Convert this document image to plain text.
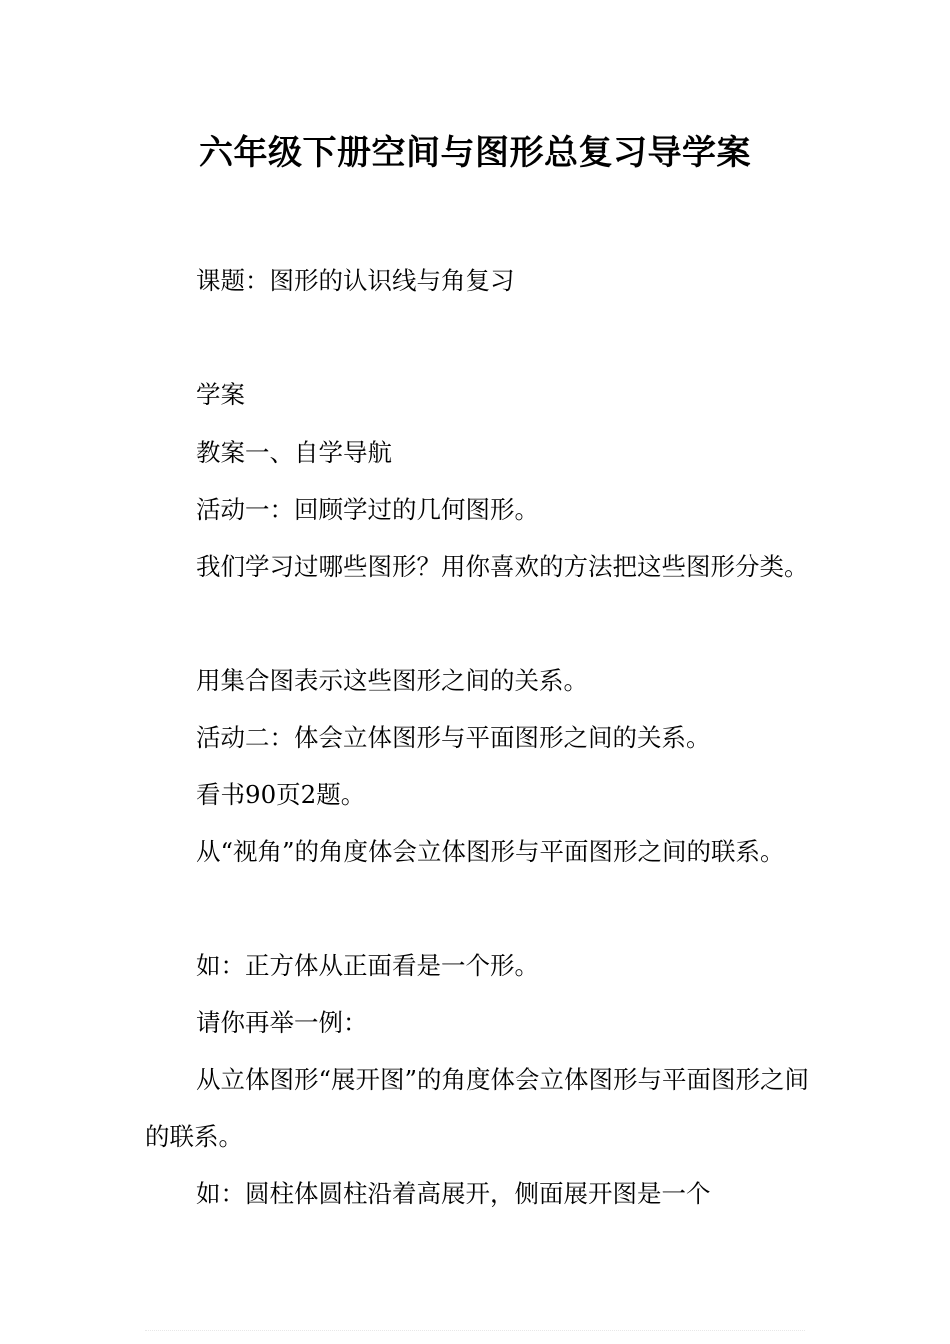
六年级下册空间与图形总复习导学案

课题：图形的认识线与角复习

学案

教案一、自学导航

活动一：回顾学过的几何图形。

我们学习过哪些图形？用你喜欢的方法把这些图形分类。

用集合图表示这些图形之间的关系。

活动二：体会立体图形与平面图形之间的关系。

看书90页2题。

从“视角”的角度体会立体图形与平面图形之间的联系。

如：正方体从正面看是一个形。

请你再举一例：

从立体图形“展开图”的角度体会立体图形与平面图形之间的联系。

如：圆柱体圆柱沿着高展开，侧面展开图是一个
